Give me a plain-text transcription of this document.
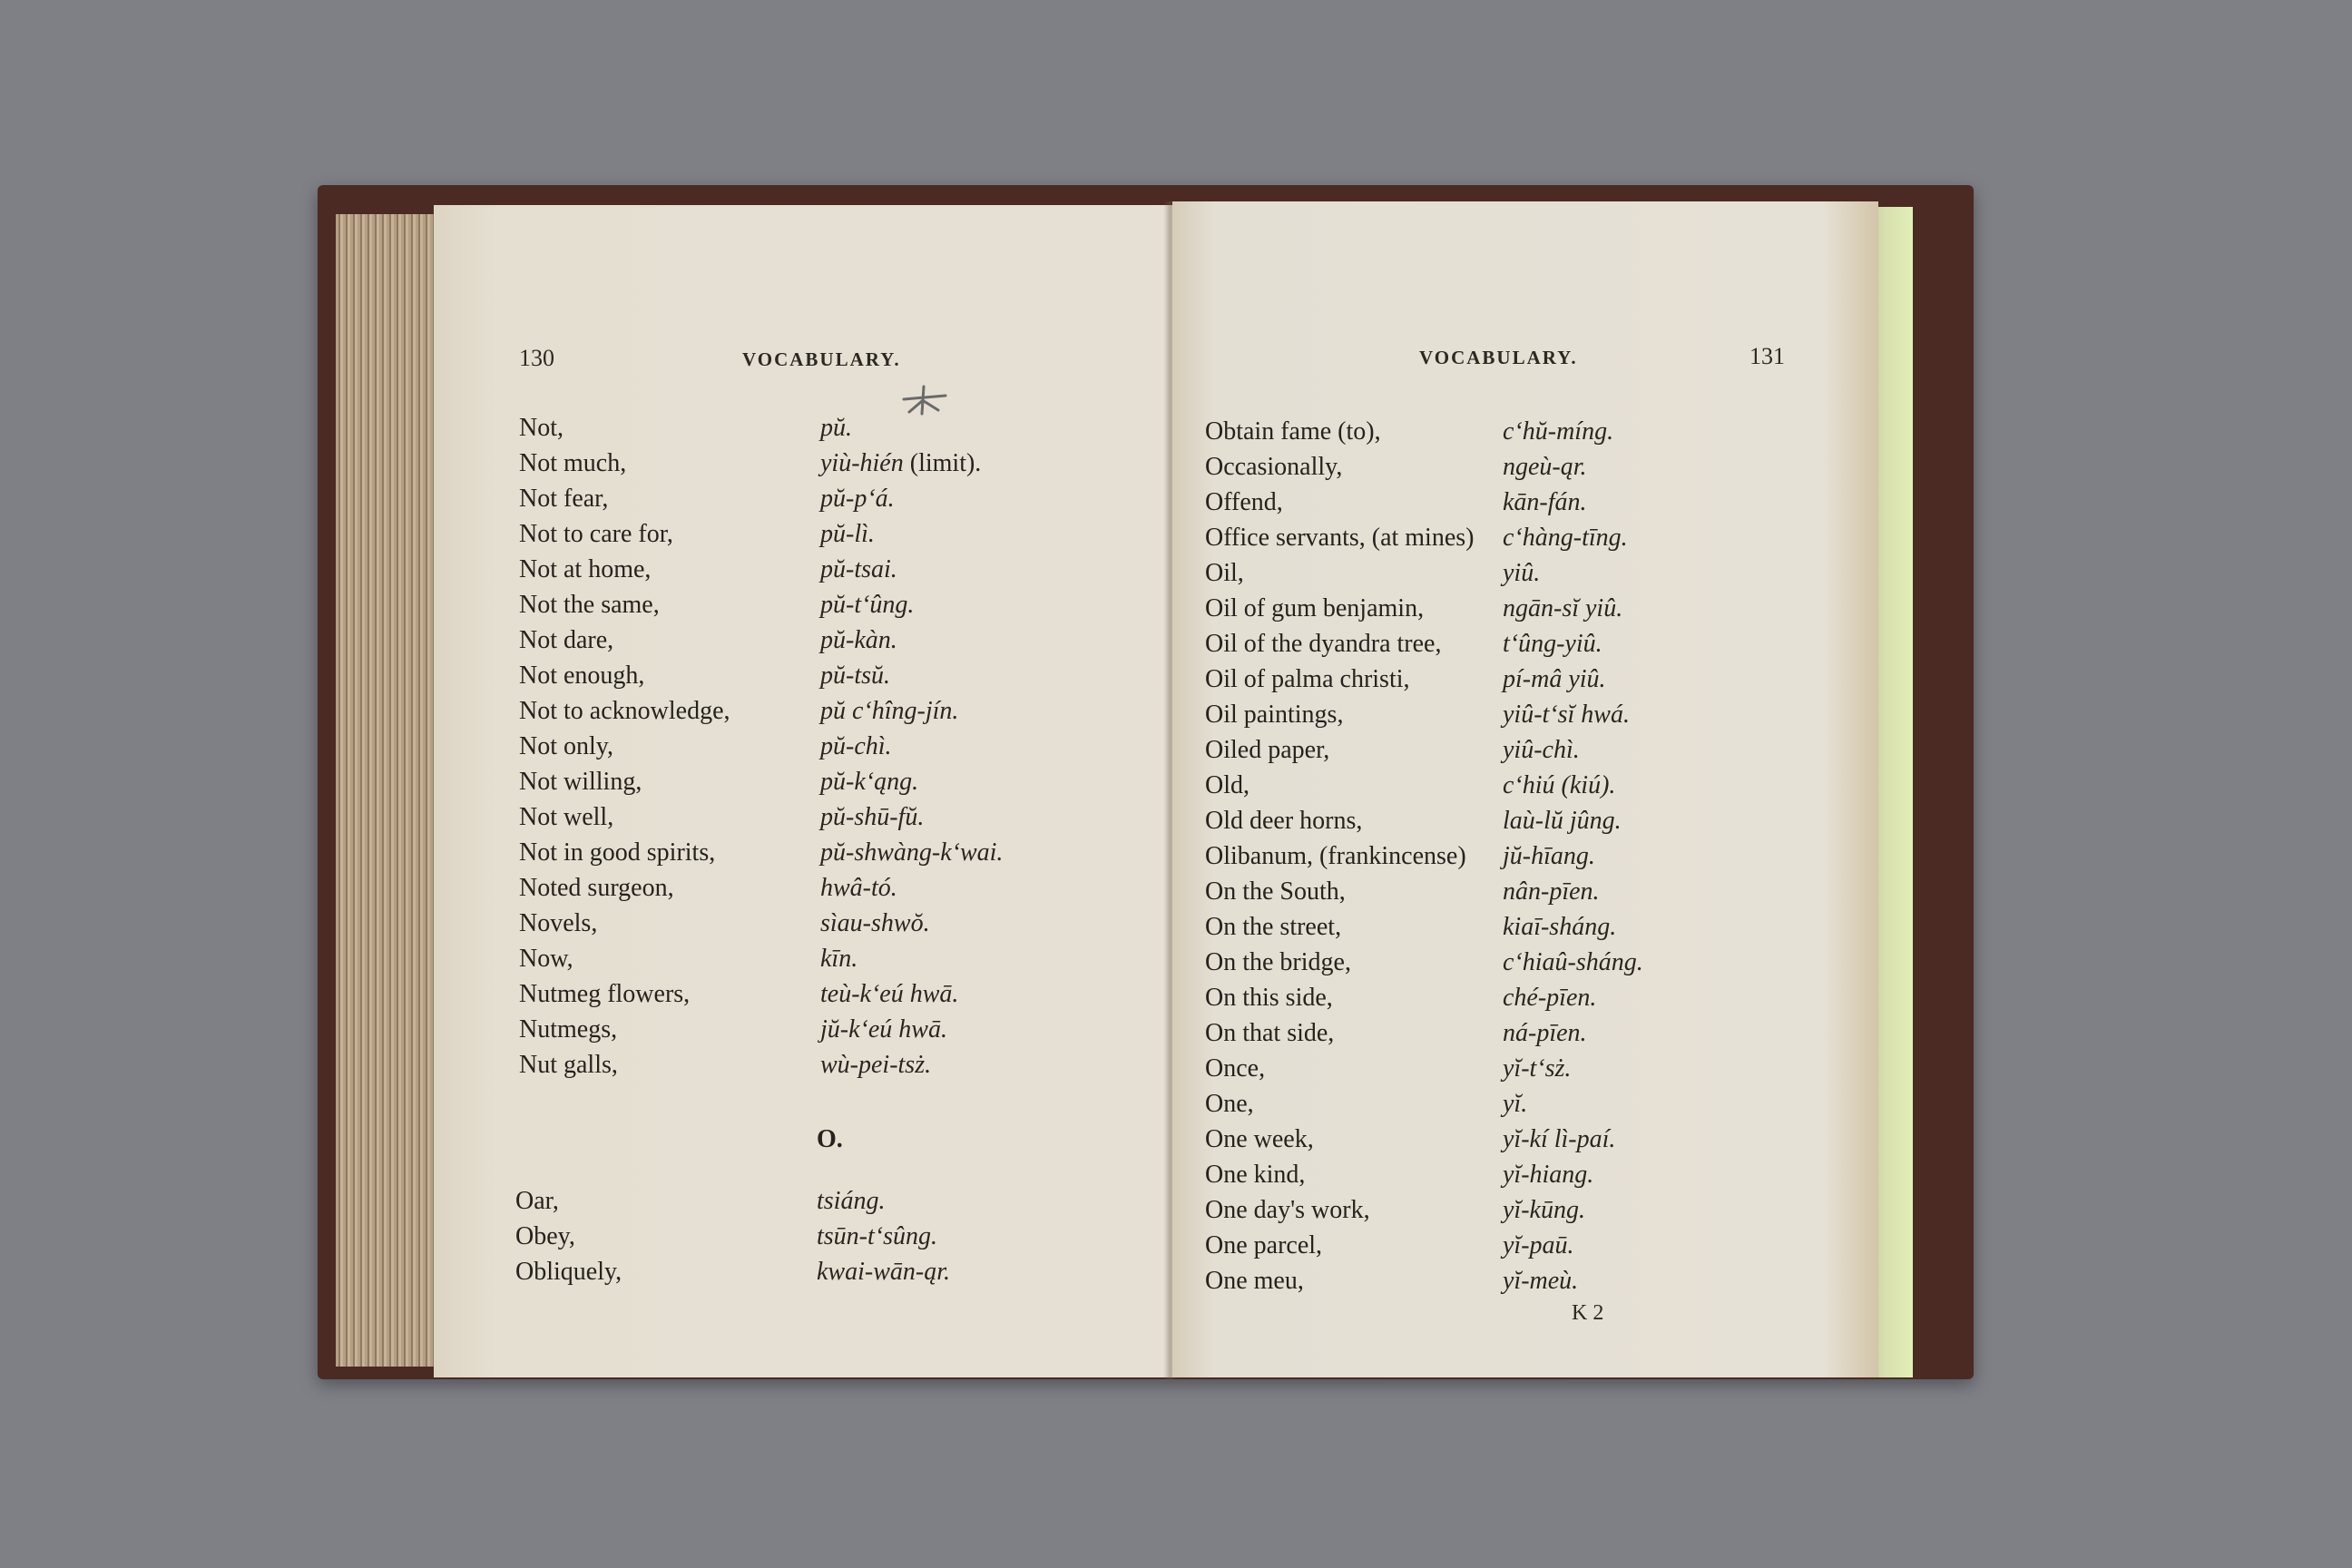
130	VOCABULARY.
Not,	pŭ.
Not much,	yiù-hién (limit).
Not fear,	pŭ-p‘á.
Not to care for,	pŭ-lì.
Not at home,	pŭ-tsai.
Not the same,	pŭ-t‘ûng.
Not dare,	pŭ-kàn.
Not enough,	pŭ-tsŭ.
Not to acknowledge,	pŭ c‘hîng-jín.
Not only,	pŭ-chì.
Not willing,	pŭ-k‘ąng.
Not well,	pŭ-shū-fŭ.
Not in good spirits,	pŭ-shwàng-k‘wai.
Noted surgeon,	hwâ-tó.
Novels,	sìau-shwŏ.
Now,	kīn.
Nutmeg flowers,	teù-k‘eú hwā.
Nutmegs,	jŭ-k‘eú hwā.
Nut galls,	wù-pei-tsż.
O.
Oar,	tsiáng.
Obey,	tsūn-t‘sûng.
Obliquely,	kwai-wān-ąr.
VOCABULARY.	131
Obtain fame (to),	c‘hŭ-míng.
Occasionally,	ngeù-ąr.
Offend,	kān-fán.
Office servants, (at mines) c‘hàng-tīng.
Oil,	yiû.
Oil of gum benjamin,	ngān-sĭ yiû.
Oil of the dyandra tree, t‘ûng-yiû.
Oil of palma christi,	pí-mâ yiû.
Oil paintings,	yiû-t‘sĭ hwá.
Oiled paper,	yiû-chì.
Old,	c‘hiú (kiú).
Old deer horns,	laù-lŭ jûng.
Olibanum, (frankincense) jŭ-hīang.
On the South,	nân-pīen.
On the street,	kiaī-sháng.
On the bridge,	c‘hiaû-sháng.
On this side,	ché-pīen.
On that side,	ná-pīen.
Once,	yĭ-t‘sż.
One,	yĭ.
One week,	yĭ-kí lì-paí.
One kind,	yĭ-hiang.
One day's work,	yĭ-kūng.
One parcel,	yĭ-paū.
One meu,	yĭ-meù.
K 2
